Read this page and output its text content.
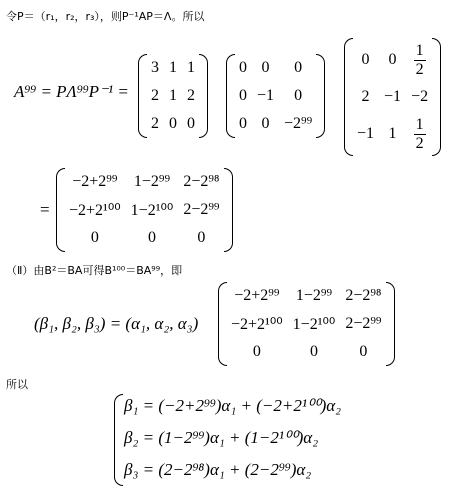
令P＝（r₁，r₂，r₃），则P⁻¹AP＝Λ。所以
A⁹⁹ = PΛ⁹⁹P⁻¹ =
3	1	1
2	1	2
2	0	0
0	0	0
0	−1	0
0	0	−2⁹⁹
0	0	$\frac{1}{2}$

2	−1	−2
−1	1	$\frac{1}{2}$
=
−2+2⁹⁹	1−2⁹⁹	2−2⁹⁸
−2+2¹⁰⁰	1−2¹⁰⁰	2−2⁹⁹
0	0	0
（Ⅱ）由B²＝BA可得B¹⁰⁰＝BA⁹⁹，即
(β₁, β₂, β₃) = (α₁, α₂, α₃)
−2+2⁹⁹	1−2⁹⁹	2−2⁹⁸
−2+2¹⁰⁰	1−2¹⁰⁰	2−2⁹⁹
0	0	0
所以
β₁ = (−2+2⁹⁹)α₁ + (−2+2¹⁰⁰)α₂
β₂ = (1−2⁹⁹)α₁ + (1−2¹⁰⁰)α₂
β₃ = (2−2⁹⁸)α₁ + (2−2⁹⁹)α₂
